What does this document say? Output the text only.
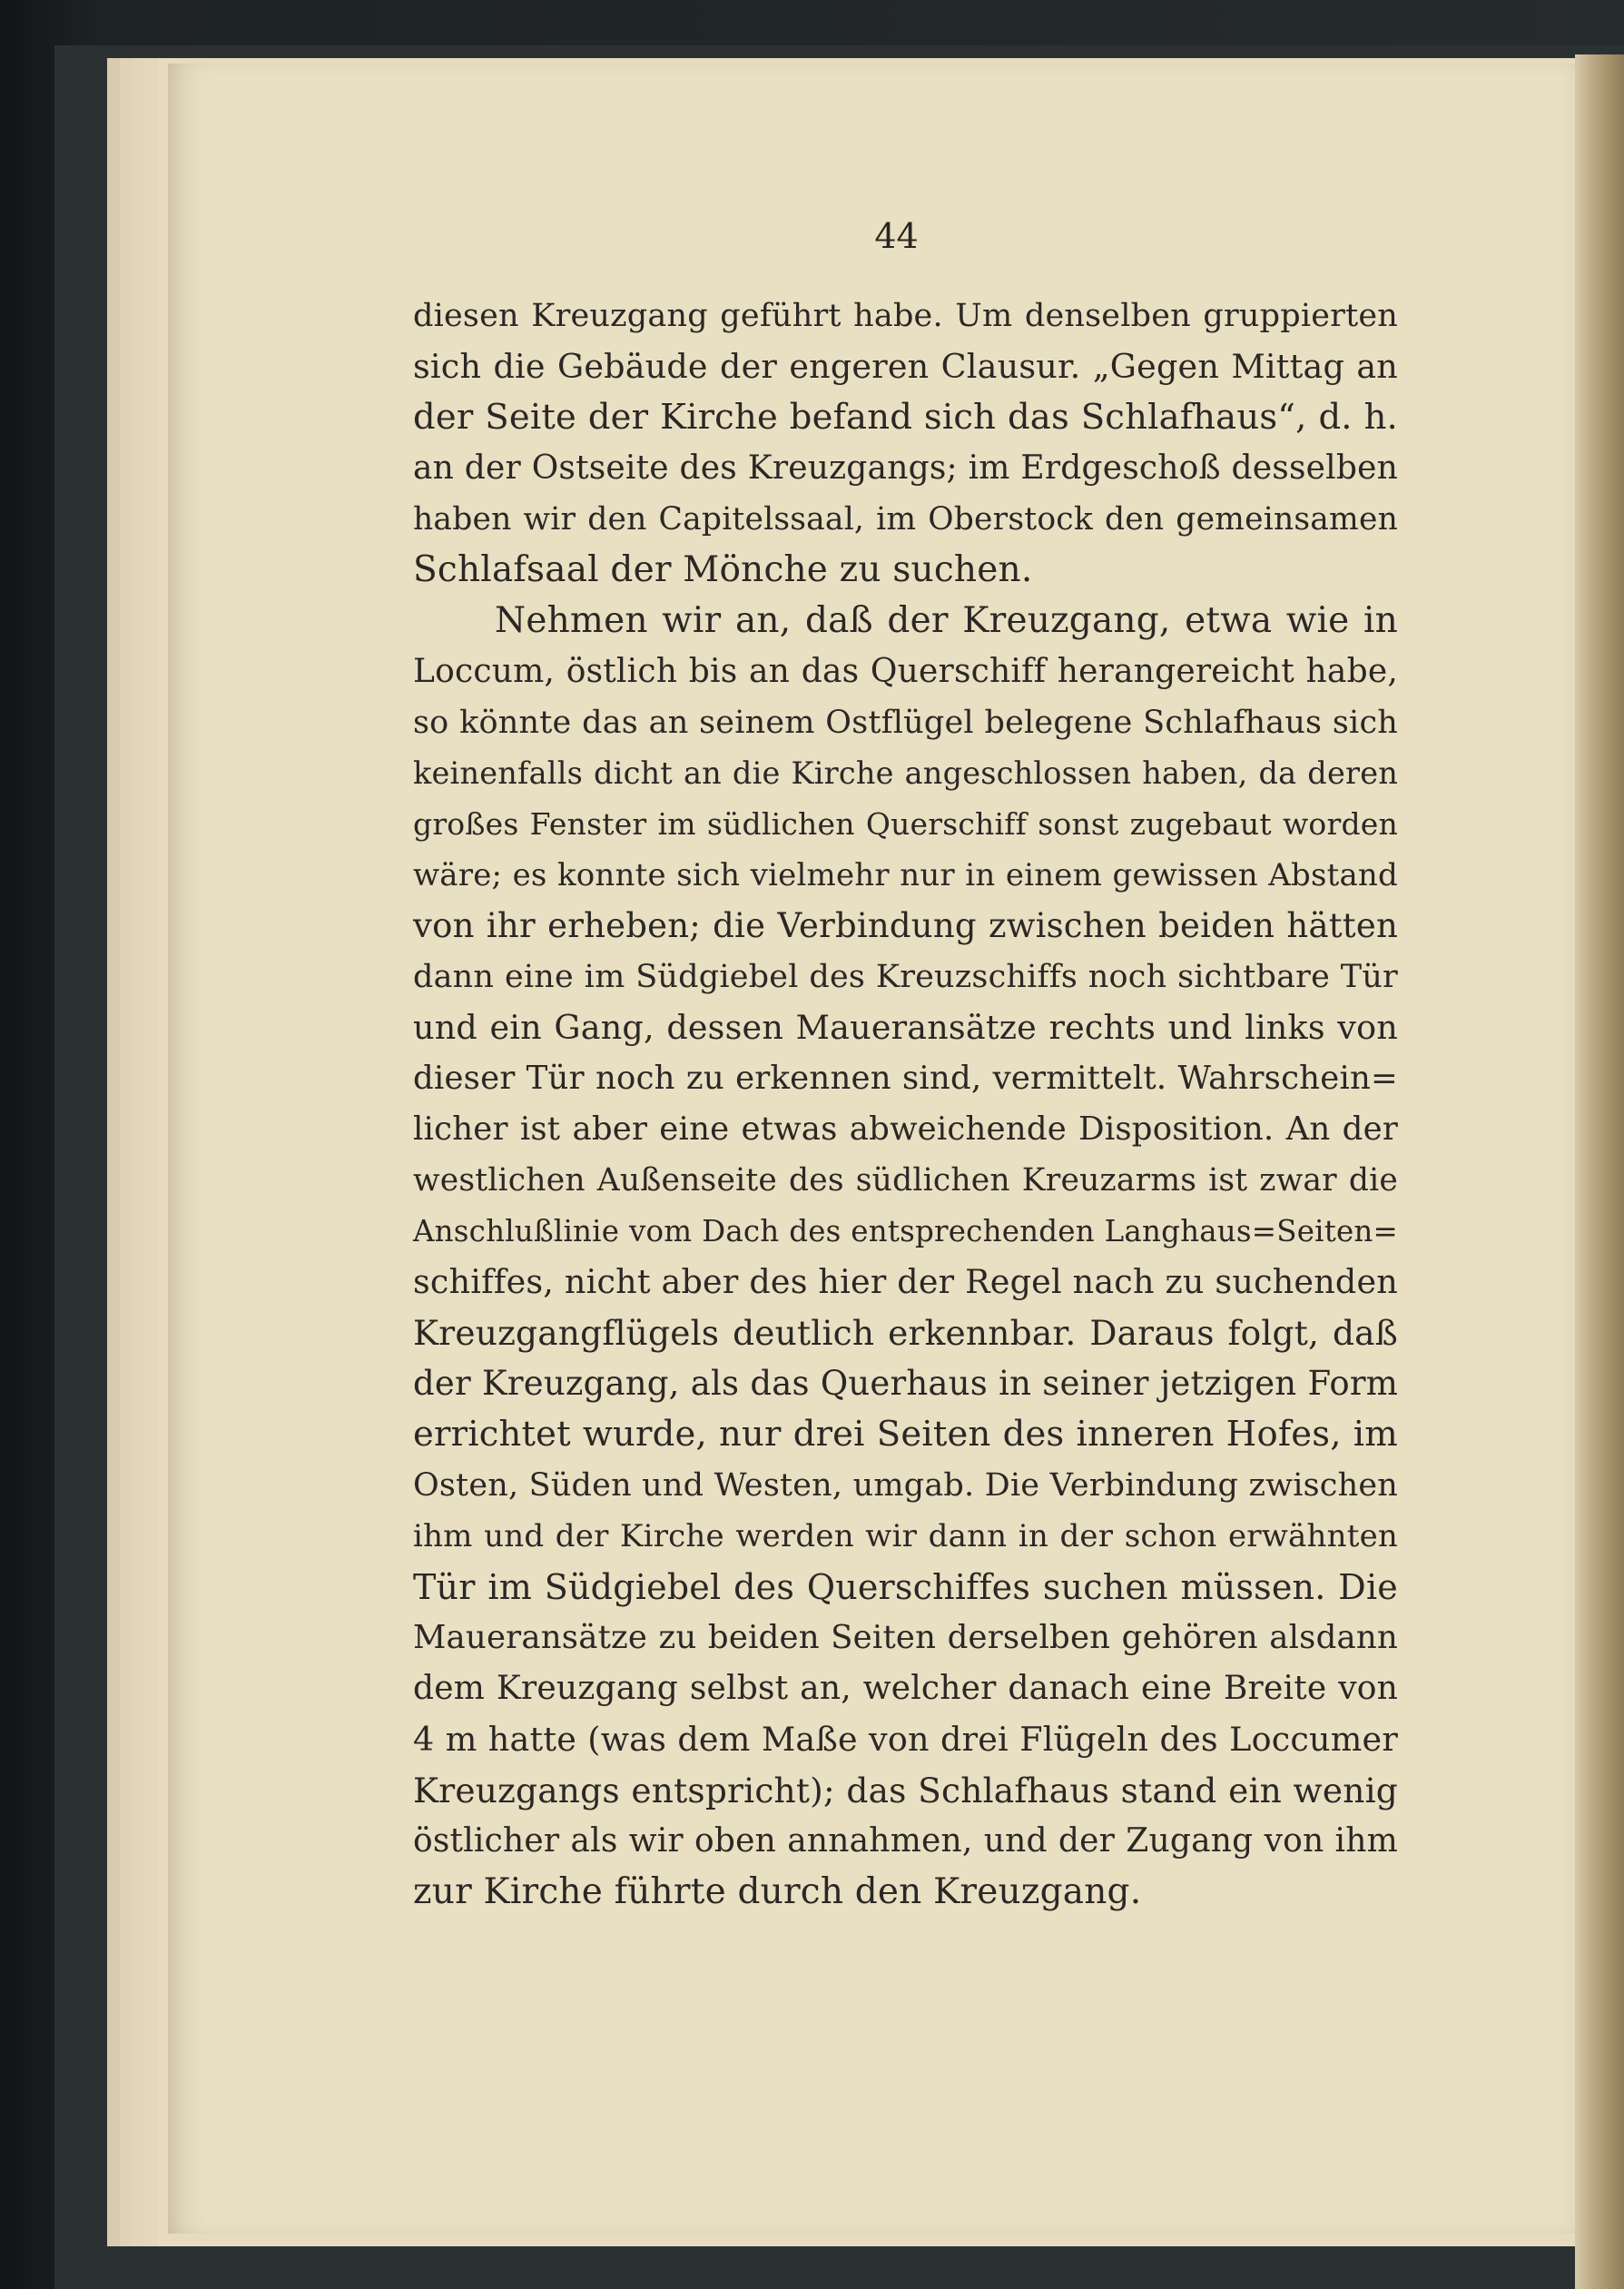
44
diesen Kreuzgang geführt habe. Um denselben gruppierten
sich die Gebäude der engeren Clausur. „Gegen Mittag an
der Seite der Kirche befand sich das Schlafhaus“, d. h.
an der Ostseite des Kreuzgangs; im Erdgeschoß desselben
haben wir den Capitelssaal, im Oberstock den gemeinsamen
Schlafsaal der Mönche zu suchen.
Nehmen wir an, daß der Kreuzgang, etwa wie in
Loccum, östlich bis an das Querschiff herangereicht habe,
so könnte das an seinem Ostflügel belegene Schlafhaus sich
keinenfalls dicht an die Kirche angeschlossen haben, da deren
großes Fenster im südlichen Querschiff sonst zugebaut worden
wäre; es konnte sich vielmehr nur in einem gewissen Abstand
von ihr erheben; die Verbindung zwischen beiden hätten
dann eine im Südgiebel des Kreuzschiffs noch sichtbare Tür
und ein Gang, dessen Maueransätze rechts und links von
dieser Tür noch zu erkennen sind, vermittelt. Wahrschein=
licher ist aber eine etwas abweichende Disposition. An der
westlichen Außenseite des südlichen Kreuzarms ist zwar die
Anschlußlinie vom Dach des entsprechenden Langhaus=Seiten=
schiffes, nicht aber des hier der Regel nach zu suchenden
Kreuzgangflügels deutlich erkennbar. Daraus folgt, daß
der Kreuzgang, als das Querhaus in seiner jetzigen Form
errichtet wurde, nur drei Seiten des inneren Hofes, im
Osten, Süden und Westen, umgab. Die Verbindung zwischen
ihm und der Kirche werden wir dann in der schon erwähnten
Tür im Südgiebel des Querschiffes suchen müssen. Die
Maueransätze zu beiden Seiten derselben gehören alsdann
dem Kreuzgang selbst an, welcher danach eine Breite von
4 m hatte (was dem Maße von drei Flügeln des Loccumer
Kreuzgangs entspricht); das Schlafhaus stand ein wenig
östlicher als wir oben annahmen, und der Zugang von ihm
zur Kirche führte durch den Kreuzgang.
